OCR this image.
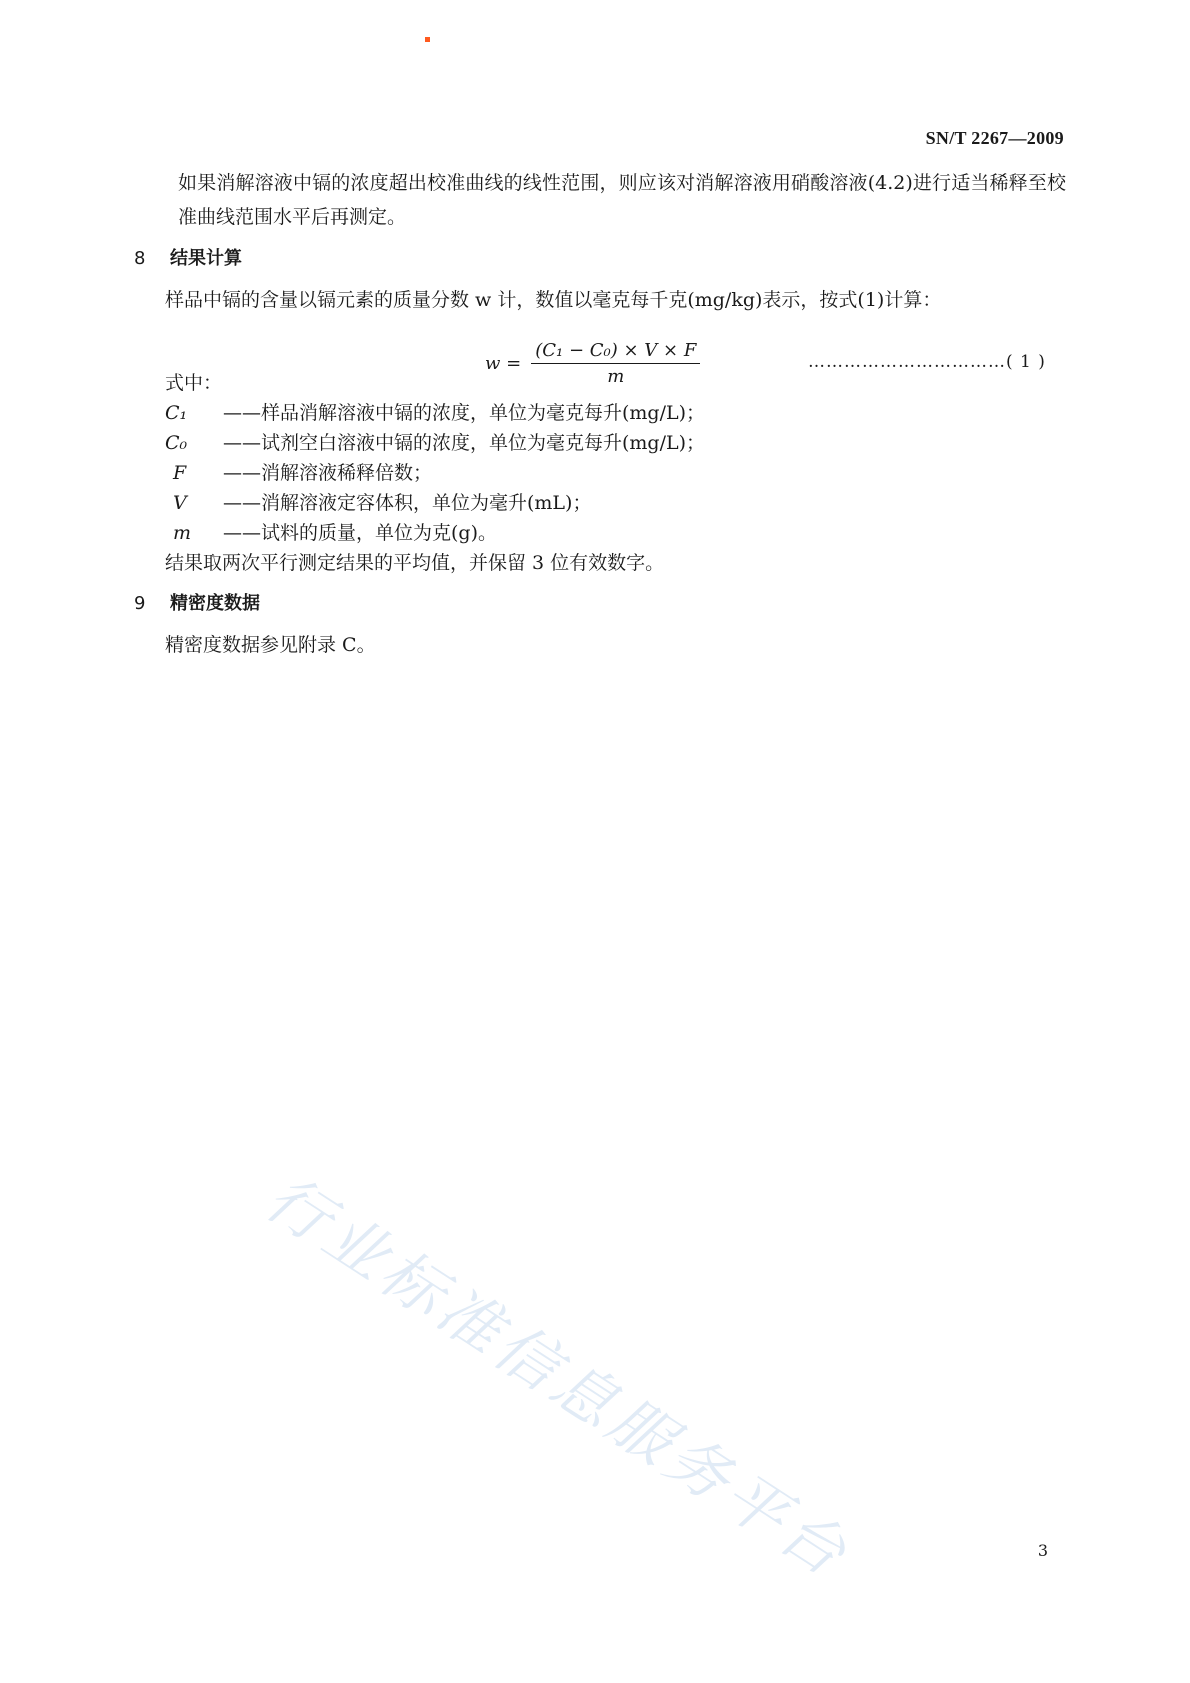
SN/T 2267—2009
如果消解溶液中镉的浓度超出校准曲线的线性范围，则应该对消解溶液用硝酸溶液(4.2)进行适当稀释至校准曲线范围水平后再测定。
8 结果计算
样品中镉的含量以镉元素的质量分数 w 计，数值以毫克每千克(mg/kg)表示，按式(1)计算：
$w = \frac{\text{(C₁ − C₀) × V × F}}{m}$	……………………………( 1 )
式中：
C₁ ——样品消解溶液中镉的浓度，单位为毫克每升(mg/L)；
C₀ ——试剂空白溶液中镉的浓度，单位为毫克每升(mg/L)；
F ——消解溶液稀释倍数；
V ——消解溶液定容体积，单位为毫升(mL)；
m ——试料的质量，单位为克(g)。
结果取两次平行测定结果的平均值，并保留 3 位有效数字。
9 精密度数据
精密度数据参见附录 C。
行业标准信息服务平台	3
